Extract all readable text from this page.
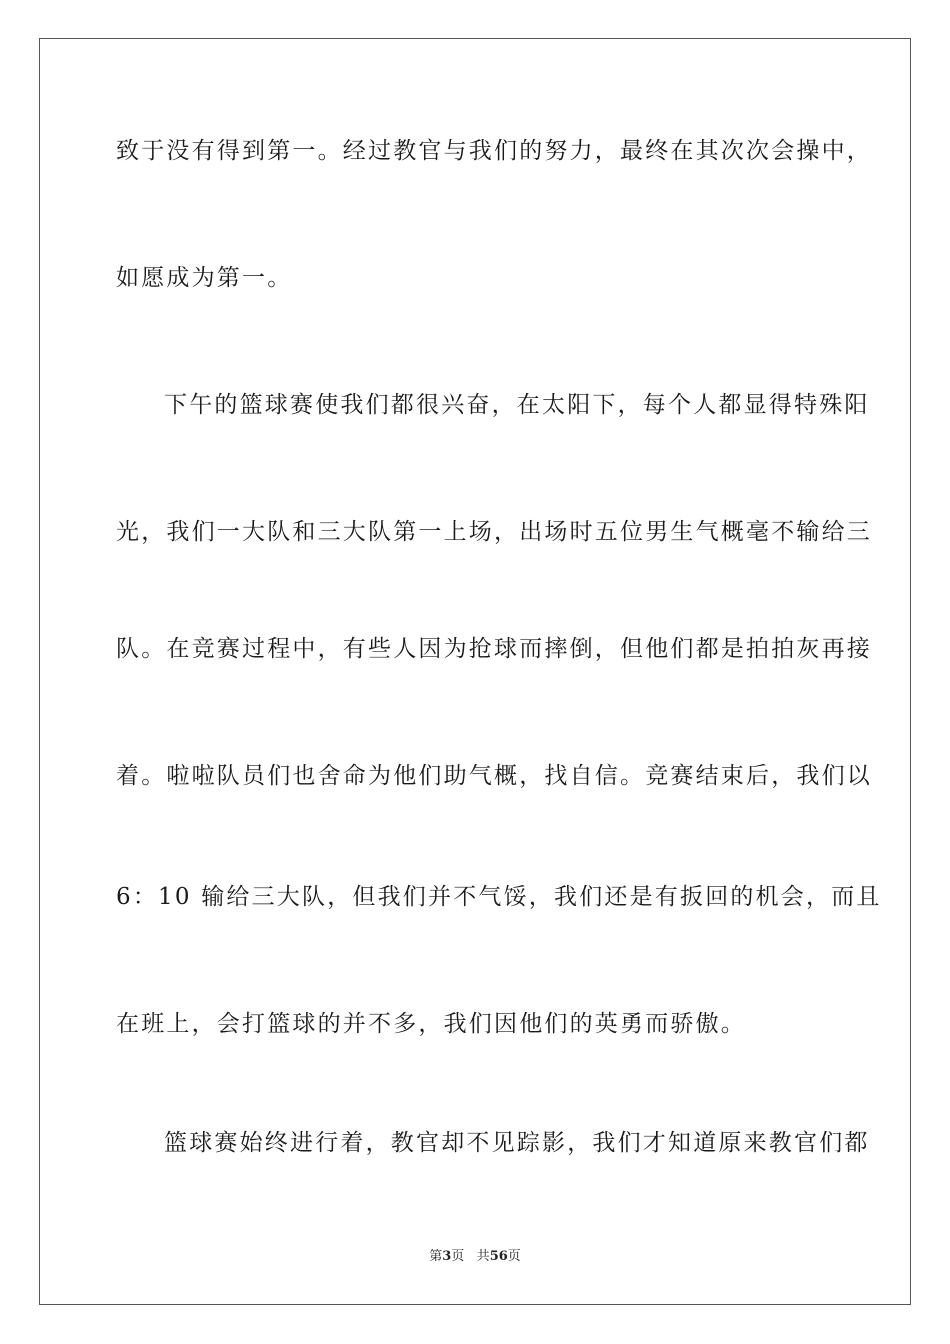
致于没有得到第一。经过教官与我们的努力，最终在其次次会操中，
如愿成为第一。
下午的篮球赛使我们都很兴奋，在太阳下，每个人都显得特殊阳
光，我们一大队和三大队第一上场，出场时五位男生气概毫不输给三
队。在竞赛过程中，有些人因为抢球而摔倒，但他们都是拍拍灰再接
着。啦啦队员们也舍命为他们助气概，找自信。竞赛结束后，我们以
6：10 输给三大队，但我们并不气馁，我们还是有扳回的机会，而且
在班上，会打篮球的并不多，我们因他们的英勇而骄傲。
篮球赛始终进行着，教官却不见踪影，我们才知道原来教官们都
第3页 共56页
